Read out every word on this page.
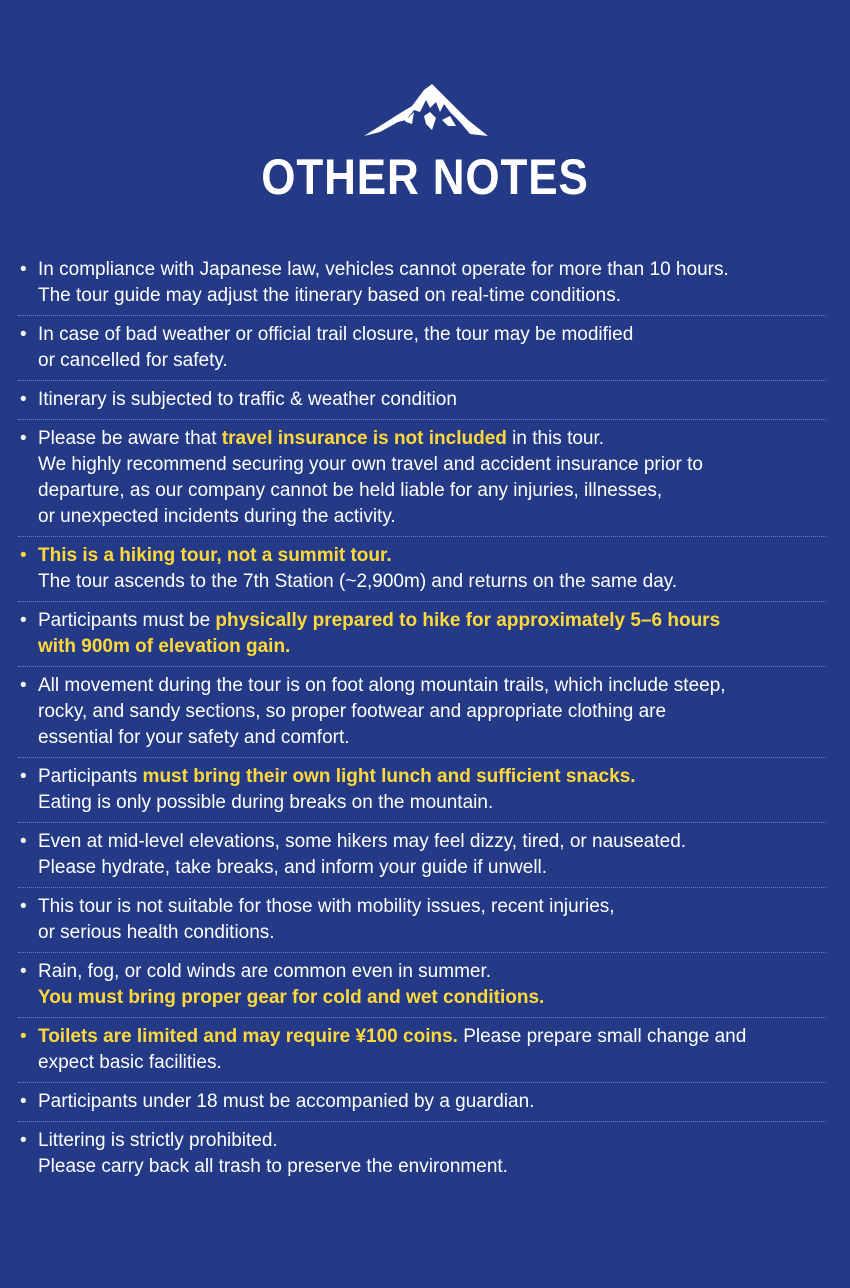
OTHER NOTES
• In compliance with Japanese law, vehicles cannot operate for more than 10 hours.
The tour guide may adjust the itinerary based on real-time conditions.
• In case of bad weather or official trail closure, the tour may be modified
or cancelled for safety.
• Itinerary is subjected to traffic & weather condition
• Please be aware that travel insurance is not included in this tour.
We highly recommend securing your own travel and accident insurance prior to
departure, as our company cannot be held liable for any injuries, illnesses,
or unexpected incidents during the activity.
• This is a hiking tour, not a summit tour.
The tour ascends to the 7th Station (~2,900m) and returns on the same day.
• Participants must be physically prepared to hike for approximately 5–6 hours
with 900m of elevation gain.
• All movement during the tour is on foot along mountain trails, which include steep,
rocky, and sandy sections, so proper footwear and appropriate clothing are
essential for your safety and comfort.
• Participants must bring their own light lunch and sufficient snacks.
Eating is only possible during breaks on the mountain.
• Even at mid-level elevations, some hikers may feel dizzy, tired, or nauseated.
Please hydrate, take breaks, and inform your guide if unwell.
• This tour is not suitable for those with mobility issues, recent injuries,
or serious health conditions.
• Rain, fog, or cold winds are common even in summer.
You must bring proper gear for cold and wet conditions.
• Toilets are limited and may require ¥100 coins. Please prepare small change and
expect basic facilities.
• Participants under 18 must be accompanied by a guardian.
• Littering is strictly prohibited.
Please carry back all trash to preserve the environment.
